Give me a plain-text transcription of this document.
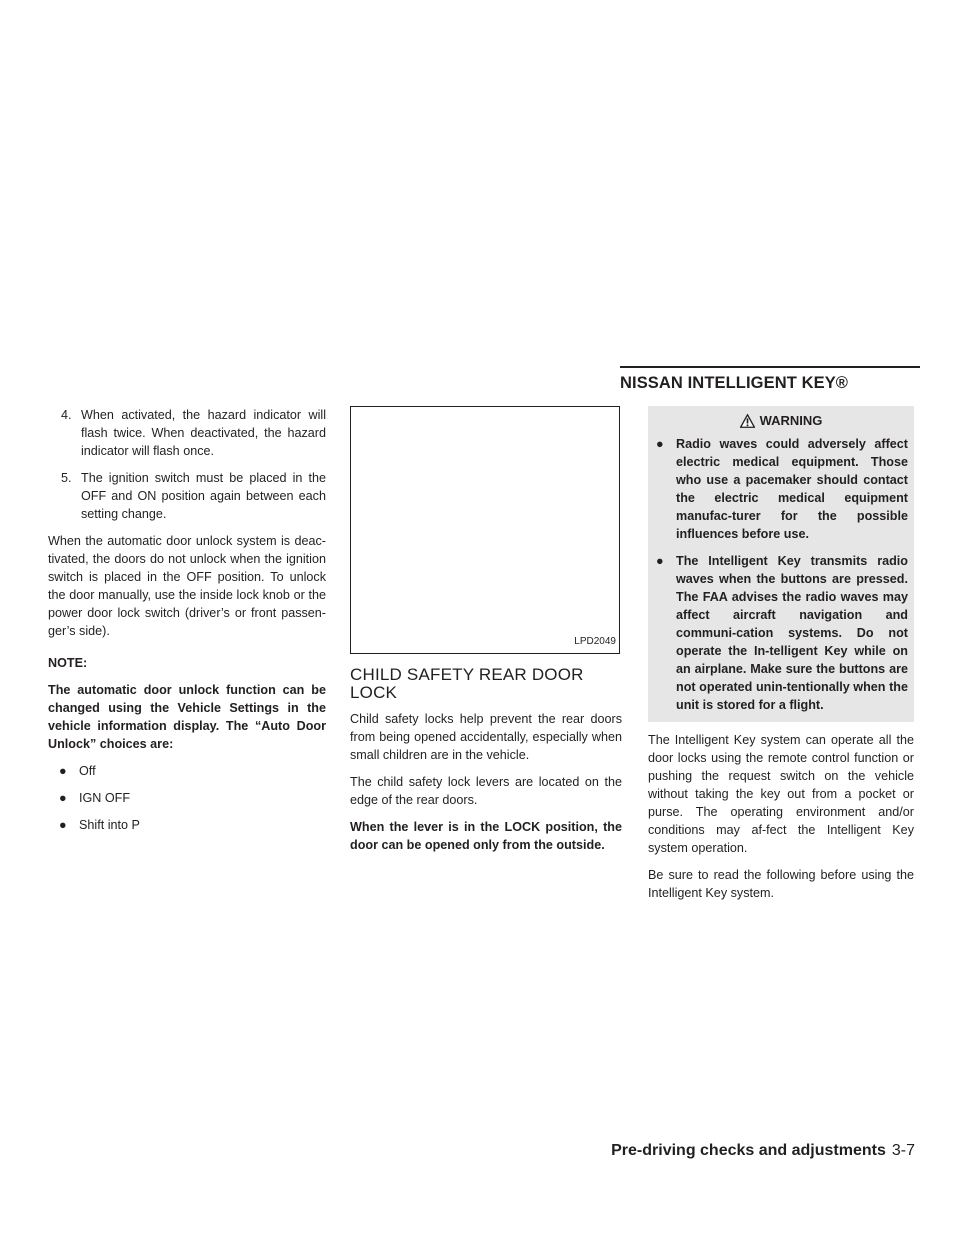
NISSAN INTELLIGENT KEY®
4. When activated, the hazard indicator will flash twice. When deactivated, the hazard indicator will flash once.
5. The ignition switch must be placed in the OFF and ON position again between each setting change.

When the automatic door unlock system is deac-tivated, the doors do not unlock when the ignition switch is placed in the OFF position. To unlock the door manually, use the inside lock knob or the power door lock switch (driver’s or front passen-ger’s side).

NOTE:

The automatic door unlock function can be changed using the Vehicle Settings in the vehicle information display. The “Auto Door Unlock” choices are:

● Off
● IGN OFF
● Shift into P
LPD2049
CHILD SAFETY REAR DOOR LOCK

Child safety locks help prevent the rear doors from being opened accidentally, especially when small children are in the vehicle.

The child safety lock levers are located on the edge of the rear doors.

When the lever is in the LOCK position, the door can be opened only from the outside.

WARNING
● Radio waves could adversely affect electric medical equipment. Those who use a pacemaker should contact the electric medical equipment manufac-turer for the possible influences before use.
● The Intelligent Key transmits radio waves when the buttons are pressed. The FAA advises the radio waves may affect aircraft navigation and communi-cation systems. Do not operate the In-telligent Key while on an airplane. Make sure the buttons are not operated unin-tentionally when the unit is stored for a flight.

The Intelligent Key system can operate all the door locks using the remote control function or pushing the request switch on the vehicle without taking the key out from a pocket or purse. The operating environment and/or conditions may af-fect the Intelligent Key system operation.

Be sure to read the following before using the Intelligent Key system.

Pre-driving checks and adjustments 3-7
